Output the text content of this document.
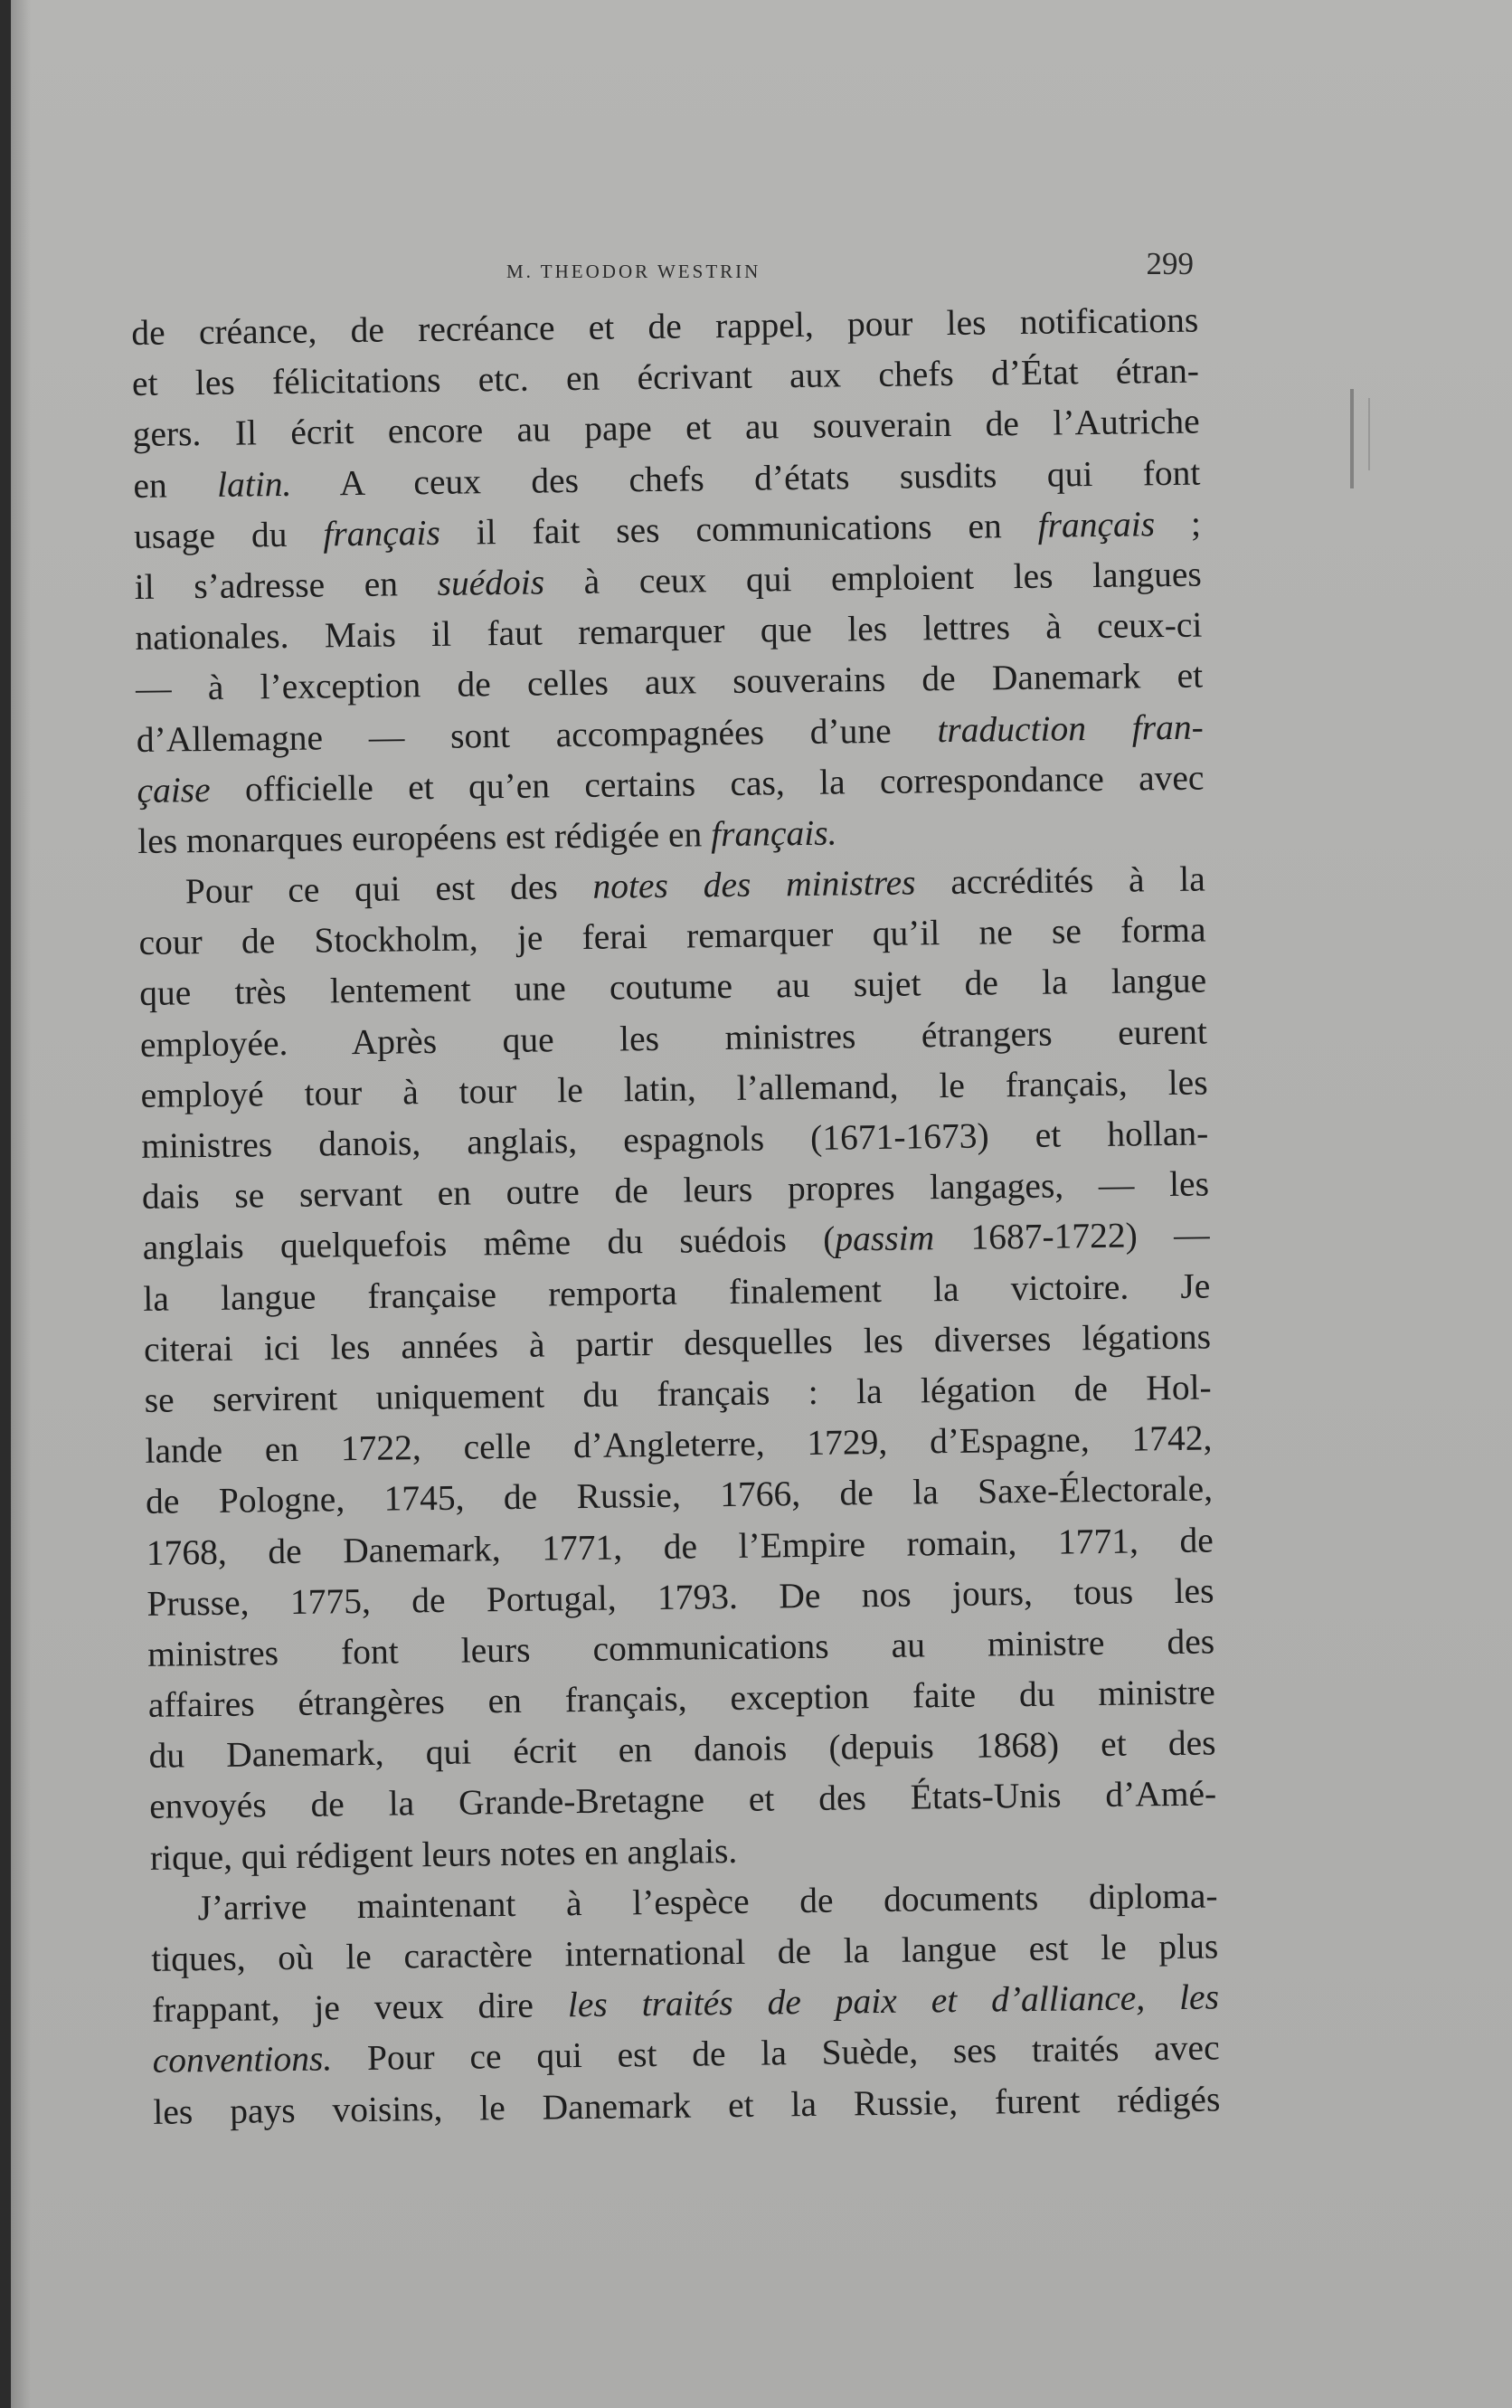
M. THEODOR WESTRIN	299
de créance, de recréance et de rappel, pour les notifications
et les félicitations etc. en écrivant aux chefs d’État étran-
gers. Il écrit encore au pape et au souverain de l’Autriche
en latin. A ceux des chefs d’états susdits qui font
usage du français il fait ses communications en français ;
il s’adresse en suédois à ceux qui emploient les langues
nationales. Mais il faut remarquer que les lettres à ceux-ci
— à l’exception de celles aux souverains de Danemark et
d’Allemagne — sont accompagnées d’une traduction fran-
çaise officielle et qu’en certains cas, la correspondance avec
les monarques européens est rédigée en français.
Pour ce qui est des notes des ministres accrédités à la
cour de Stockholm, je ferai remarquer qu’il ne se forma
que très lentement une coutume au sujet de la langue
employée. Après que les ministres étrangers eurent
employé tour à tour le latin, l’allemand, le français, les
ministres danois, anglais, espagnols (1671-1673) et hollan-
dais se servant en outre de leurs propres langages, — les
anglais quelquefois même du suédois (passim 1687-1722) —
la langue française remporta finalement la victoire. Je
citerai ici les années à partir desquelles les diverses légations
se servirent uniquement du français : la légation de Hol-
lande en 1722, celle d’Angleterre, 1729, d’Espagne, 1742,
de Pologne, 1745, de Russie, 1766, de la Saxe-Électorale,
1768, de Danemark, 1771, de l’Empire romain, 1771, de
Prusse, 1775, de Portugal, 1793. De nos jours, tous les
ministres font leurs communications au ministre des
affaires étrangères en français, exception faite du ministre
du Danemark, qui écrit en danois (depuis 1868) et des
envoyés de la Grande-Bretagne et des États-Unis d’Amé-
rique, qui rédigent leurs notes en anglais.
J’arrive maintenant à l’espèce de documents diploma-
tiques, où le caractère international de la langue est le plus
frappant, je veux dire les traités de paix et d’alliance, les
conventions. Pour ce qui est de la Suède, ses traités avec
les pays voisins, le Danemark et la Russie, furent rédigés
